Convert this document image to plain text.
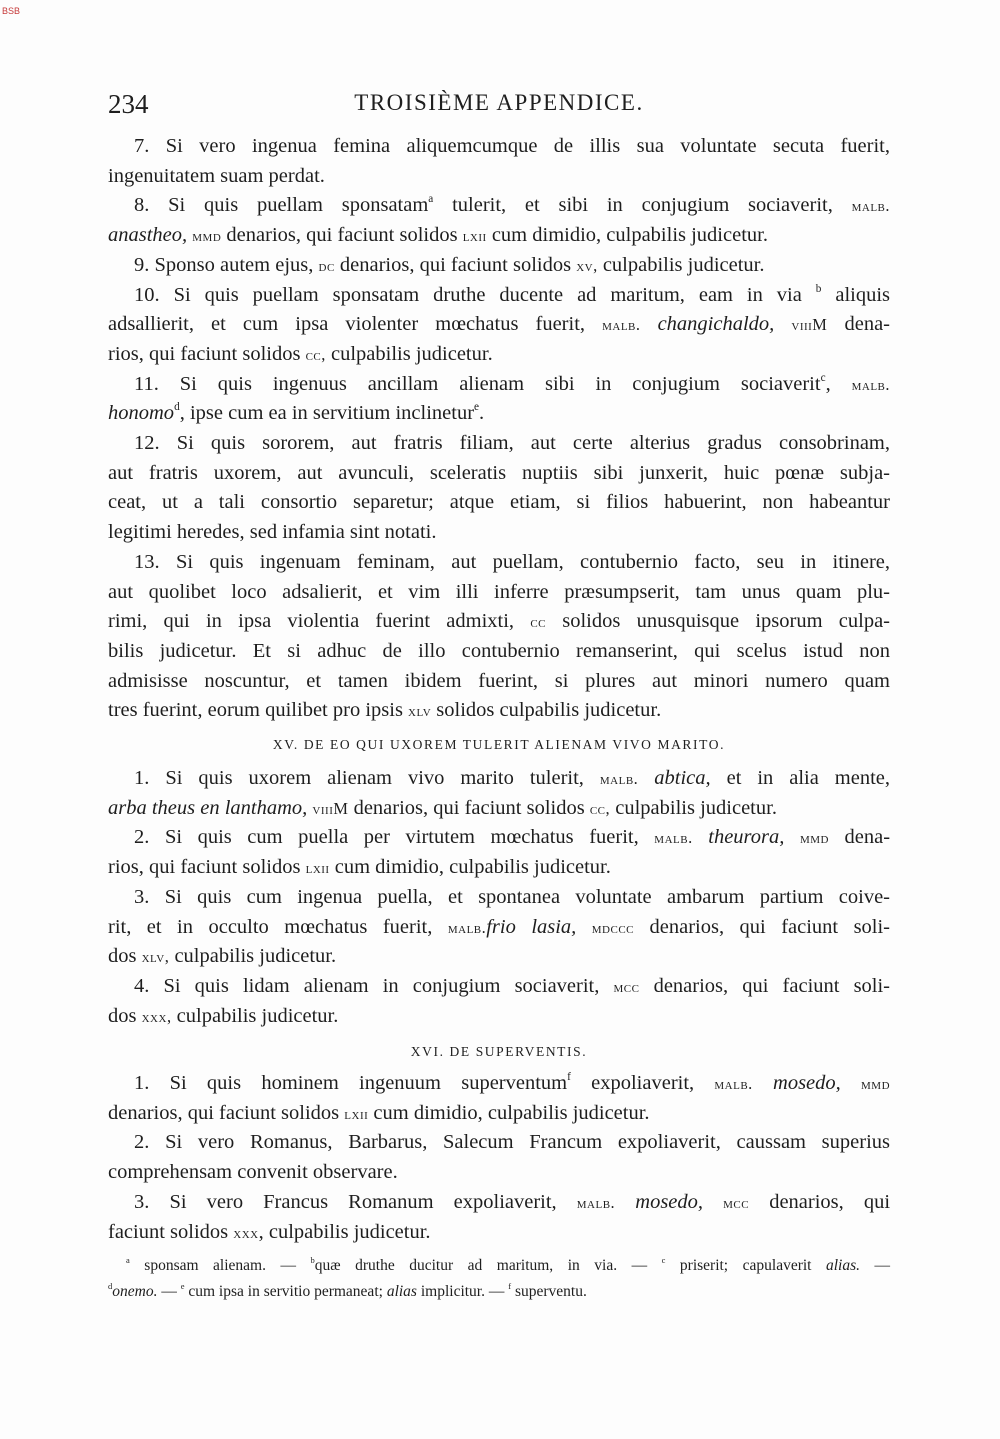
BSB
234	TROISIÈME APPENDICE.

7. Si vero ingenua femina aliquemcumque de illis sua voluntate secuta fuerit,

ingenuitatem suam perdat.

8. Si quis puellam sponsatam$^a$ tulerit, et sibi in conjugium sociaverit, malb.

anastheo, mmd denarios, qui faciunt solidos lxii cum dimidio, culpabilis judicetur.

9. Sponso autem ejus, dc denarios, qui faciunt solidos xv, culpabilis judicetur.

10. Si quis puellam sponsatam druthe ducente ad maritum, eam in via $^b$ aliquis

adsallierit, et cum ipsa violenter mœchatus fuerit, malb. changichaldo, viiiM dena-

rios, qui faciunt solidos cc, culpabilis judicetur.

11. Si quis ingenuus ancillam alienam sibi in conjugium sociaverit$^c$, malb.

honomo$^d$, ipse cum ea in servitium inclinetur$^e$.

12. Si quis sororem, aut fratris filiam, aut certe alterius gradus consobrinam,

aut fratris uxorem, aut avunculi, sceleratis nuptiis sibi junxerit, huic pœnæ subja-

ceat, ut a tali consortio separetur; atque etiam, si filios habuerint, non habeantur

legitimi heredes, sed infamia sint notati.

13. Si quis ingenuam feminam, aut puellam, contubernio facto, seu in itinere,

aut quolibet loco adsalierit, et vim illi inferre præsumpserit, tam unus quam plu-

rimi, qui in ipsa violentia fuerint admixti, cc solidos unusquisque ipsorum culpa-

bilis judicetur. Et si adhuc de illo contubernio remanserint, qui scelus istud non

admisisse noscuntur, et tamen ibidem fuerint, si plures aut minori numero quam

tres fuerint, eorum quilibet pro ipsis xlv solidos culpabilis judicetur.

XV. DE EO QUI UXOREM TULERIT ALIENAM VIVO MARITO.

1. Si quis uxorem alienam vivo marito tulerit, malb. abtica, et in alia mente,

arba theus en lanthamo, viiiM denarios, qui faciunt solidos cc, culpabilis judicetur.

2. Si quis cum puella per virtutem mœchatus fuerit, malb. theurora, mmd dena-

rios, qui faciunt solidos lxii cum dimidio, culpabilis judicetur.

3. Si quis cum ingenua puella, et spontanea voluntate ambarum partium coive-

rit, et in occulto mœchatus fuerit, malb.frio lasia, mdccc denarios, qui faciunt soli-

dos xlv, culpabilis judicetur.

4. Si quis lidam alienam in conjugium sociaverit, mcc denarios, qui faciunt soli-

dos xxx, culpabilis judicetur.

XVI. DE SUPERVENTIS.

1. Si quis hominem ingenuum superventum$^f$ expoliaverit, malb. mosedo, mmd

denarios, qui faciunt solidos lxii cum dimidio, culpabilis judicetur.

2. Si vero Romanus, Barbarus, Salecum Francum expoliaverit, caussam superius

comprehensam convenit observare.

3. Si vero Francus Romanum expoliaverit, malb. mosedo, mcc denarios, qui

faciunt solidos xxx, culpabilis judicetur.

$^a$ sponsam alienam. — $^b$quæ druthe ducitur ad maritum, in via. — $^c$ priserit; capulaverit alias. —

$^d$onemo. — $^e$ cum ipsa in servitio permaneat; alias implicitur. — $^f$ superventu.
